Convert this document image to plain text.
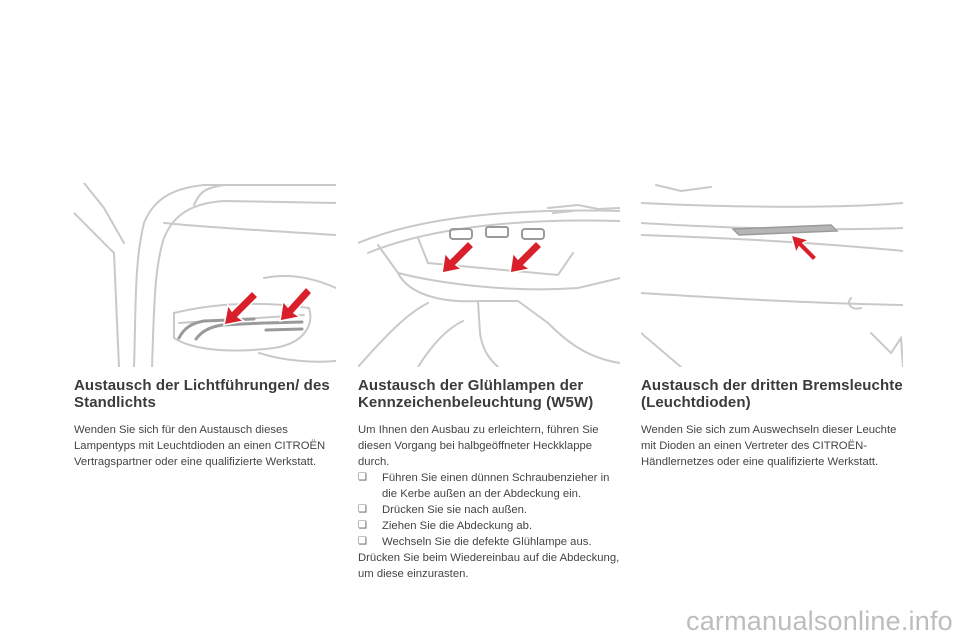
Austausch der Lichtführungen/ des Standlichts
Wenden Sie sich für den Austausch dieses Lampentyps mit Leuchtdioden an einen CITROËN Vertragspartner oder eine qualifizierte Werkstatt.
Austausch der Glühlampen der Kennzeichenbeleuchtung (W5W)
Um Ihnen den Ausbau zu erleichtern, führen Sie diesen Vorgang bei halbgeöffneter Heckklappe durch.
❏ Führen Sie einen dünnen Schraubenzieher in die Kerbe außen an der Abdeckung ein.
❏ Drücken Sie sie nach außen.
❏ Ziehen Sie die Abdeckung ab.
❏ Wechseln Sie die defekte Glühlampe aus.
Drücken Sie beim Wiedereinbau auf die Abdeckung, um diese einzurasten.
Austausch der dritten Bremsleuchte (Leuchtdioden)
Wenden Sie sich zum Auswechseln dieser Leuchte mit Dioden an einen Vertreter des CITROËN-Händlernetzes oder eine qualifizierte Werkstatt.
carmanualsonline.info
